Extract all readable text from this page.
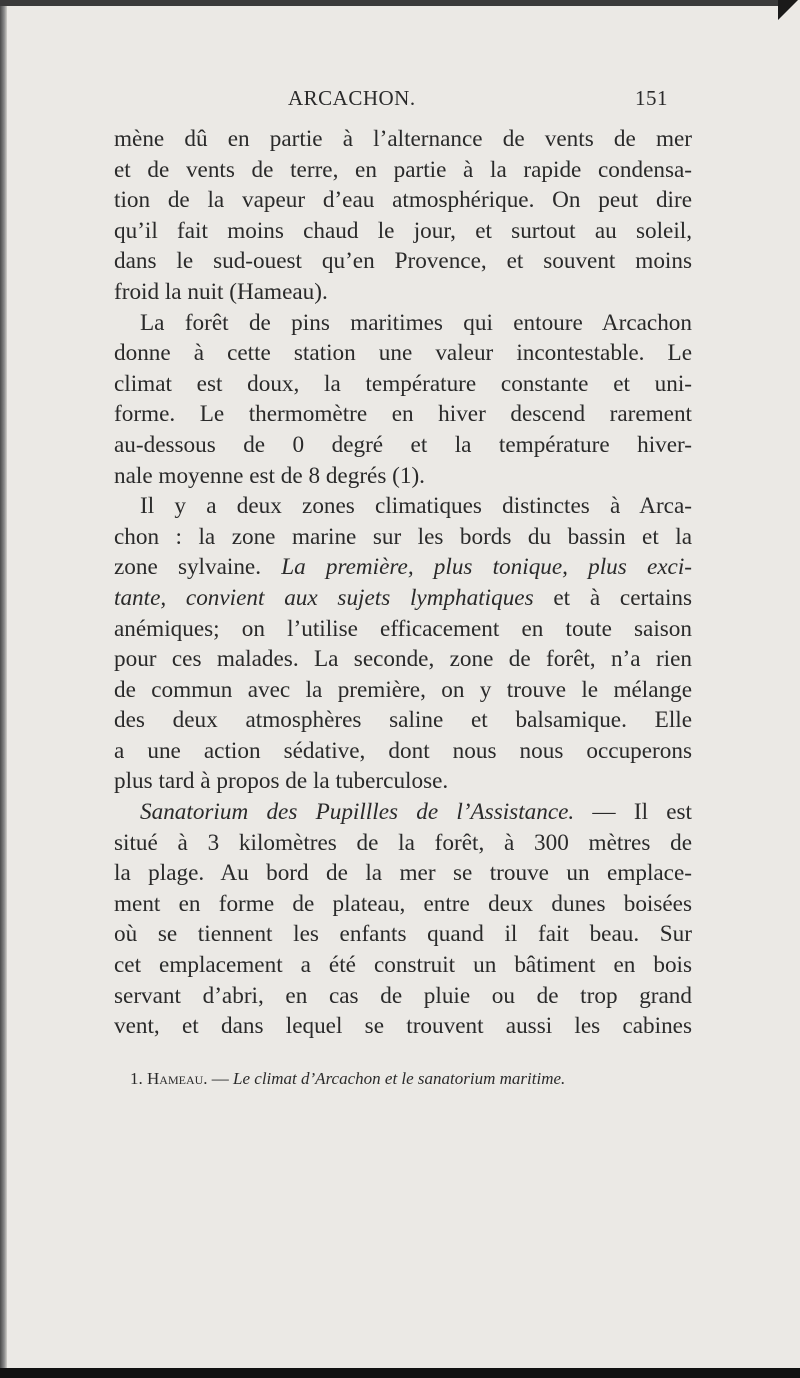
ARCACHON.	151
mène dû en partie à l’alternance de vents de mer
et de vents de terre, en partie à la rapide condensa-
tion de la vapeur d’eau atmosphérique. On peut dire
qu’il fait moins chaud le jour, et surtout au soleil,
dans le sud-ouest qu’en Provence, et souvent moins
froid la nuit (Hameau).
La forêt de pins maritimes qui entoure Arcachon
donne à cette station une valeur incontestable. Le
climat est doux, la température constante et uni-
forme. Le thermomètre en hiver descend rarement
au-dessous de 0 degré et la température hiver-
nale moyenne est de 8 degrés (1).
Il y a deux zones climatiques distinctes à Arca-
chon : la zone marine sur les bords du bassin et la
zone sylvaine. La première, plus tonique, plus exci-
tante, convient aux sujets lymphatiques et à certains
anémiques; on l’utilise efficacement en toute saison
pour ces malades. La seconde, zone de forêt, n’a rien
de commun avec la première, on y trouve le mélange
des deux atmosphères saline et balsamique. Elle
a une action sédative, dont nous nous occuperons
plus tard à propos de la tuberculose.
Sanatorium des Pupillles de l’Assistance. — Il est
situé à 3 kilomètres de la forêt, à 300 mètres de
la plage. Au bord de la mer se trouve un emplace-
ment en forme de plateau, entre deux dunes boisées
où se tiennent les enfants quand il fait beau. Sur
cet emplacement a été construit un bâtiment en bois
servant d’abri, en cas de pluie ou de trop grand
vent, et dans lequel se trouvent aussi les cabines
1. Hameau. — Le climat d’Arcachon et le sanatorium maritime.
